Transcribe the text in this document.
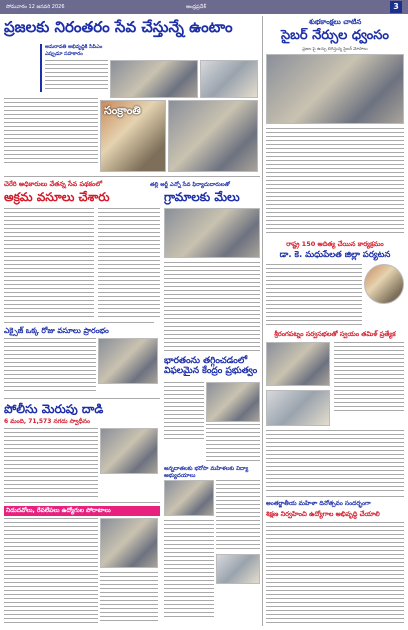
సోమవారం 12 జనవరి 2026	ఆంధ్రప్రదేశ్	3
ప్రజలకు నిరంతరం సేవ చేస్తున్నే ఉంటాం
అమరావతి అభివృద్ధికి సిపిఎం ఎప్పుడూ సహకారం
సంక్రాంతి
శుభకాంక్షలు చాటిన
సైబర్ నేర్సుల ధ్వంసం
ప్రజల పై ఉచ్చు బిగిస్తున్న సైబర్ మోసాలు
చెరేరి అధికారులు వేతన్న సేవ పథకంలో
అక్రమ వసూలు చేశారు
తల్లి అర్జీ ఎన్నో సేవ ఫిర్యాదుదారులతో
గ్రామాలకు మేలు
రాష్ట్ర 150 అదిత్య చేయిన కార్యక్రమం
డా. కె. మధుపేలత జిల్లా పర్యటన
శ్రీరంగపట్నం సర్వసభలతో స్వయం తమిళ్ ప్రత్యేక
ఎక్సైజ్ ఒక్క రోజు వసూలు ప్రారంభం
భారతంను తగ్గించడంలో విఫలమైన కేంద్రం ప్రభుత్వం
పోలీసు మెరుపు దాడి
6 మంది, 71,573 నగదు స్వాధీనం
అన్నదాతలకు భరోసా మహిళలకు విద్యా అభ్యుదయాలు
నిడుదవోలు, రేపలేపలు ఉద్యోగుల పోరాటాలు
అంతర్జాతీయ మహిళా దినోత్సవం సందర్భంగా
శిక్షణ నిర్వహించి ఉద్యోగాల అభివృద్ధి చేయాలి
